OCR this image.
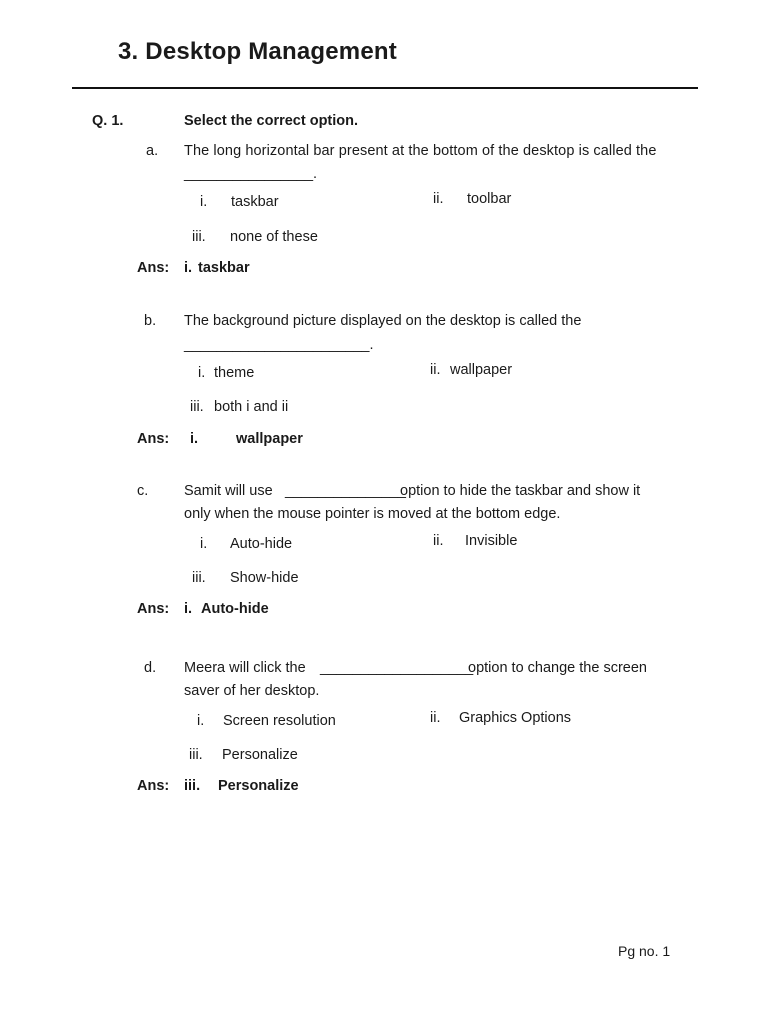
3. Desktop Management
Q. 1.	Select the correct option.
a. The long horizontal bar present at the bottom of the desktop is called the
________________.
i. taskbar	ii. toolbar
iii. none of these
Ans: i. taskbar
b. The background picture displayed on the desktop is called the
_______________________.
i. theme	ii. wallpaper
iii. both i and ii
Ans: i.	wallpaper
c. Samit will use _______________
option to hide the taskbar and show it
only when the mouse pointer is moved at the bottom edge.
i. Auto-hide	ii. Invisible
iii. Show-hide
Ans: i. Auto-hide
d. Meera will click the ___________________
option to change the screen
saver of her desktop.
i. Screen resolution	ii. Graphics Options
iii. Personalize
Ans: iii. Personalize
Pg no. 1
